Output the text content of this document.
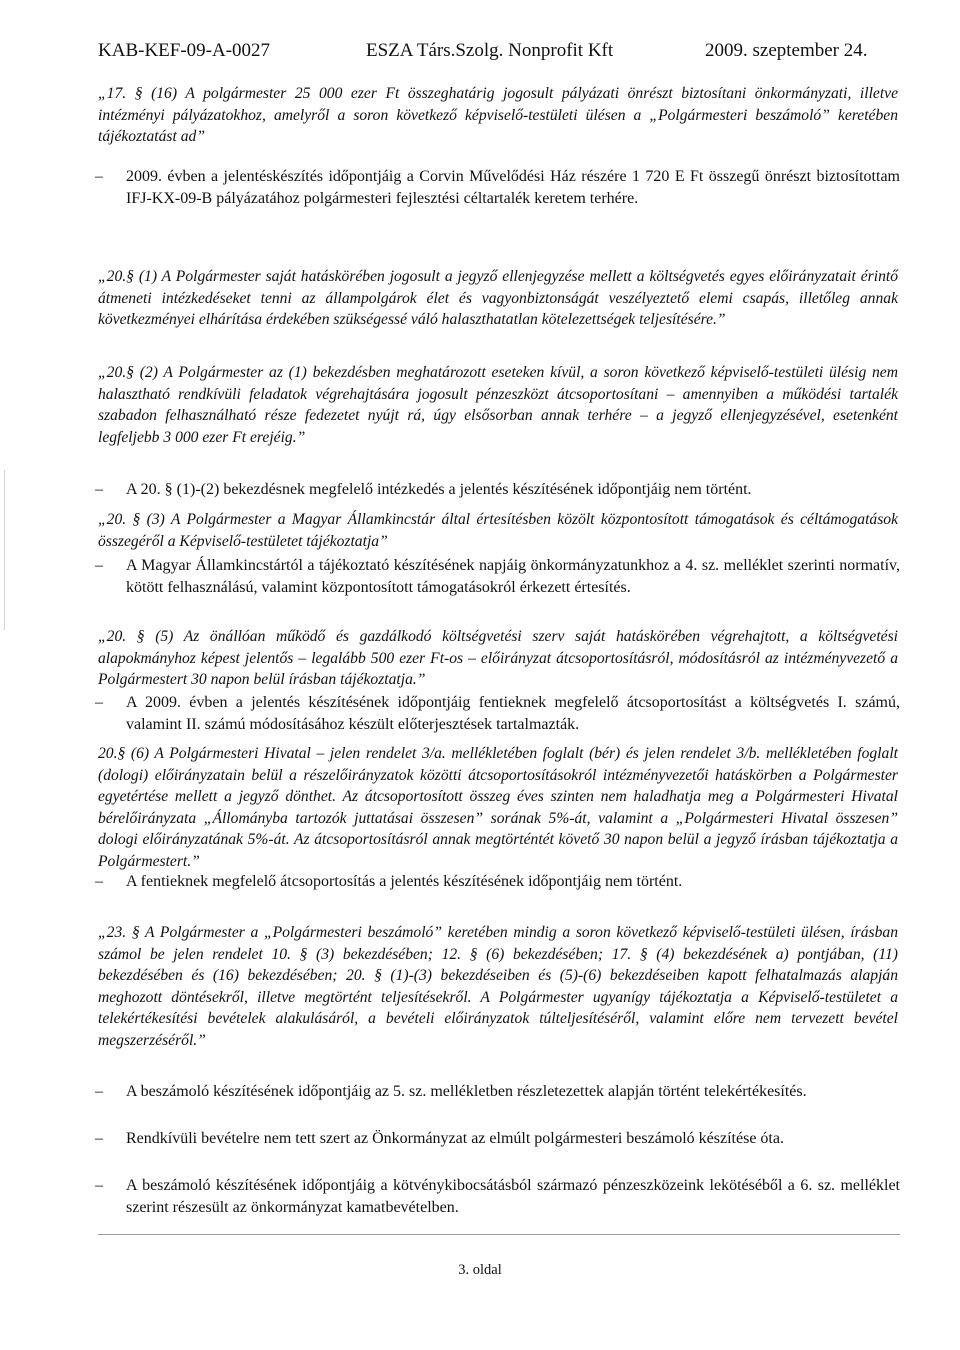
KAB-KEF-09-A-0027	ESZA Társ.Szolg. Nonprofit Kft	2009. szeptember 24.
„17. § (16) A polgármester 25 000 ezer Ft összeghatárig jogosult pályázati önrészt biztosítani önkormányzati, illetve intézményi pályázatokhoz, amelyről a soron következő képviselő-testületi ülésen a „Polgármesteri beszámoló” keretében tájékoztatást ad”
– 2009. évben a jelentéskészítés időpontjáig a Corvin Művelődési Ház részére 1 720 E Ft összegű önrészt biztosítottam IFJ-KX-09-B pályázatához polgármesteri fejlesztési céltartalék keretem terhére.
„20.§ (1) A Polgármester saját hatáskörében jogosult a jegyző ellenjegyzése mellett a költségvetés egyes előirányzatait érintő átmeneti intézkedéseket tenni az állampolgárok élet és vagyonbiztonságát veszélyeztető elemi csapás, illetőleg annak következményei elhárítása érdekében szükségessé váló halaszthatatlan kötelezettségek teljesítésére.”
„20.§ (2) A Polgármester az (1) bekezdésben meghatározott eseteken kívül, a soron következő képviselő-testületi ülésig nem halasztható rendkívüli feladatok végrehajtására jogosult pénzeszközt átcsoportosítani – amennyiben a működési tartalék szabadon felhasználható része fedezetet nyújt rá, úgy elsősorban annak terhére – a jegyző ellenjegyzésével, esetenként legfeljebb 3 000 ezer Ft erejéig.”
– A 20. § (1)-(2) bekezdésnek megfelelő intézkedés a jelentés készítésének időpontjáig nem történt.
„20. § (3) A Polgármester a Magyar Államkincstár által értesítésben közölt központosított támogatások és céltámogatások összegéről a Képviselő-testületet tájékoztatja”
– A Magyar Államkincstártól a tájékoztató készítésének napjáig önkormányzatunkhoz a 4. sz. melléklet szerinti normatív, kötött felhasználású, valamint központosított támogatásokról érkezett értesítés.
„20. § (5) Az önállóan működő és gazdálkodó költségvetési szerv saját hatáskörében végrehajtott, a költségvetési alapokmányhoz képest jelentős – legalább 500 ezer Ft-os – előirányzat átcsoportosításról, módosításról az intézményvezető a Polgármestert 30 napon belül írásban tájékoztatja.”
– A 2009. évben a jelentés készítésének időpontjáig fentieknek megfelelő átcsoportosítást a költségvetés I. számú, valamint II. számú módosításához készült előterjesztések tartalmazták.
20.§ (6) A Polgármesteri Hivatal – jelen rendelet 3/a. mellékletében foglalt (bér) és jelen rendelet 3/b. mellékletében foglalt (dologi) előirányzatain belül a részelőirányzatok közötti átcsoportosításokról intézményvezetői hatáskörben a Polgármester egyetértése mellett a jegyző dönthet. Az átcsoportosított összeg éves szinten nem haladhatja meg a Polgármesteri Hivatal bérelőirányzata „Állományba tartozók juttatásai összesen” sorának 5%-át, valamint a „Polgármesteri Hivatal összesen” dologi előirányzatának 5%-át. Az átcsoportosításról annak megtörténtét követő 30 napon belül a jegyző írásban tájékoztatja a Polgármestert.”
– A fentieknek megfelelő átcsoportosítás a jelentés készítésének időpontjáig nem történt.
„23. § A Polgármester a „Polgármesteri beszámoló” keretében mindig a soron következő képviselő-testületi ülésen, írásban számol be jelen rendelet 10. § (3) bekezdésében; 12. § (6) bekezdésében; 17. § (4) bekezdésének a) pontjában, (11) bekezdésében és (16) bekezdésében; 20. § (1)-(3) bekezdéseiben és (5)-(6) bekezdéseiben kapott felhatalmazás alapján meghozott döntésekről, illetve megtörtént teljesítésekről. A Polgármester ugyanígy tájékoztatja a Képviselő-testületet a telekértékesítési bevételek alakulásáról, a bevételi előirányzatok túlteljesítéséről, valamint előre nem tervezett bevétel megszerzéséről.”
– A beszámoló készítésének időpontjáig az 5. sz. mellékletben részletezettek alapján történt telekértékesítés.
– Rendkívüli bevételre nem tett szert az Önkormányzat az elmúlt polgármesteri beszámoló készítése óta.
– A beszámoló készítésének időpontjáig a kötvénykibocsátásból származó pénzeszközeink lekötéséből a 6. sz. melléklet szerint részesült az önkormányzat kamatbevételben.
3. oldal
